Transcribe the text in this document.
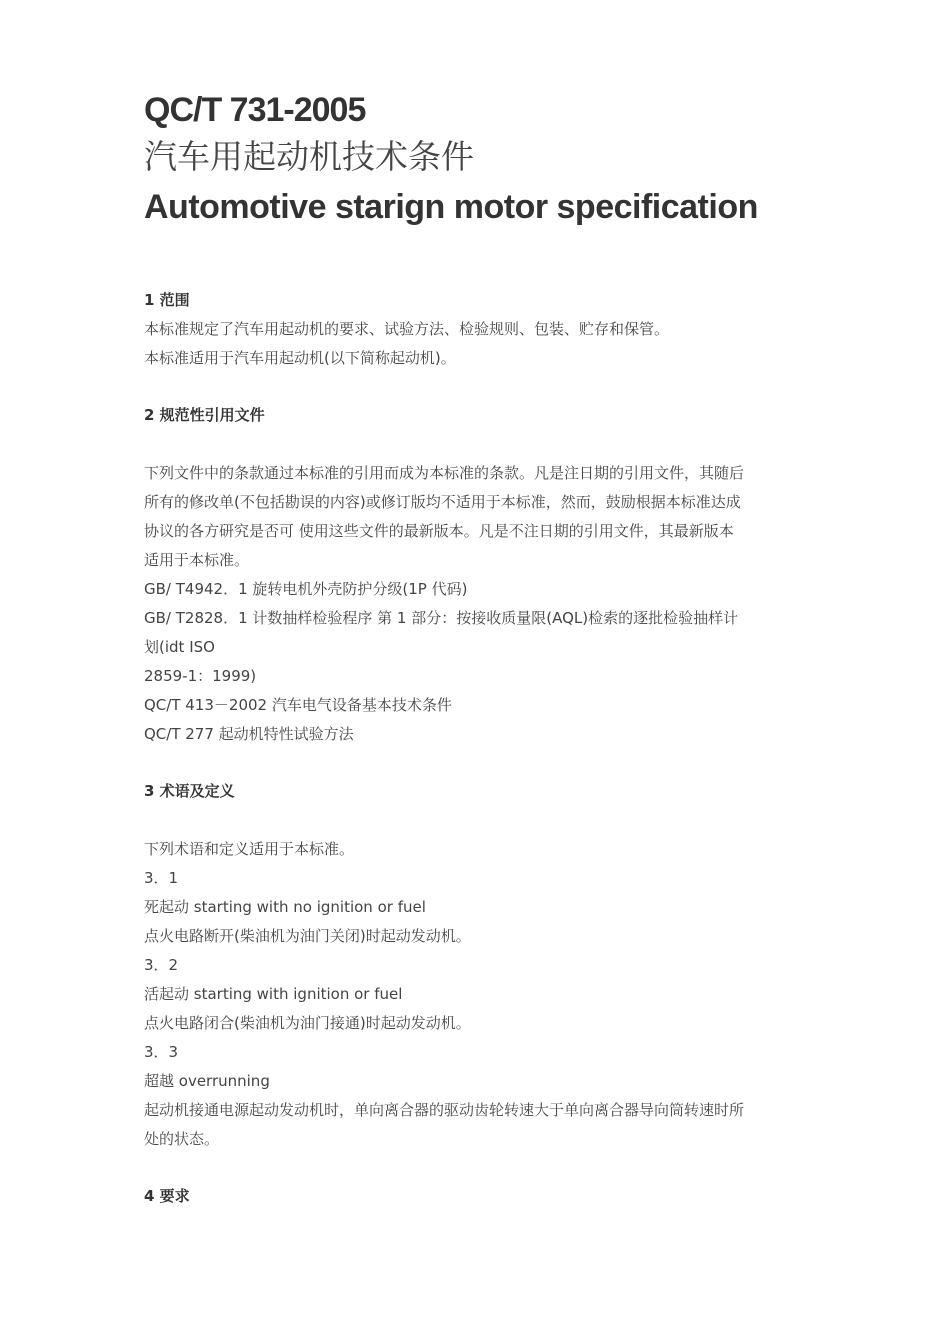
QC/T 731-2005
汽车用起动机技术条件
Automotive starign motor specification
1 范围
本标准规定了汽车用起动机的要求、试验方法、检验规则、包装、贮存和保管。
本标准适用于汽车用起动机(以下简称起动机)。
2 规范性引用文件
下列文件中的条款通过本标准的引用而成为本标准的条款。凡是注日期的引用文件，其随后
所有的修改单(不包括勘误的内容)或修订版均不适用于本标准，然而，鼓励根据本标准达成
协议的各方研究是否可 使用这些文件的最新版本。凡是不注日期的引用文件，其最新版本
适用于本标准。
GB/ T4942．1 旋转电机外壳防护分级(1P 代码)
GB/ T2828．1 计数抽样检验程序 第 1 部分：按接收质量限(AQL)检索的逐批检验抽样计
划(idt ISO
2859-1：1999)
QC/T 413－2002 汽车电气设备基本技术条件
QC/T 277 起动机特性试验方法
3 术语及定义
下列术语和定义适用于本标准。
3．1
死起动 starting with no ignition or fuel
点火电路断开(柴油机为油门关闭)时起动发动机。
3．2
活起动 starting with ignition or fuel
点火电路闭合(柴油机为油门接通)时起动发动机。
3．3
超越 overrunning
起动机接通电源起动发动机时，单向离合器的驱动齿轮转速大于单向离合器导向筒转速时所
处的状态。
4 要求
